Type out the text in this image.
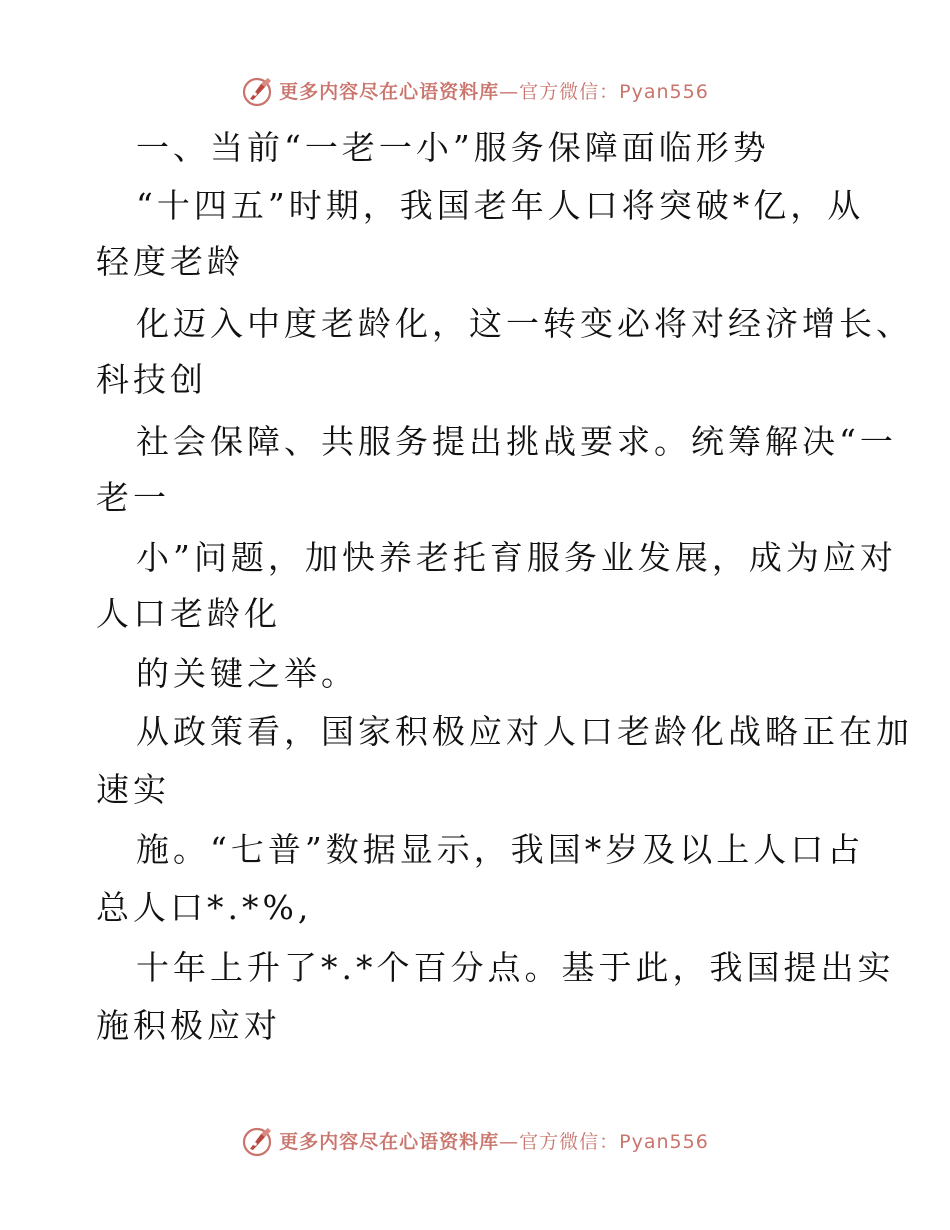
更多内容尽在心语资料库—官方微信：Pyan556
一、当前“一老一小”服务保障面临形势
“十四五”时期，我国老年人口将突破*亿，从
轻度老龄
化迈入中度老龄化，这一转变必将对经济增长、
科技创
社会保障、共服务提出挑战要求。统筹解决“一
老一
小”问题，加快养老托育服务业发展，成为应对
人口老龄化
的关键之举。
从政策看，国家积极应对人口老龄化战略正在加
速实
施。“七普”数据显示，我国*岁及以上人口占
总人口*.*%,
十年上升了*.*个百分点。基于此，我国提出实
施积极应对
更多内容尽在心语资料库—官方微信：Pyan556
